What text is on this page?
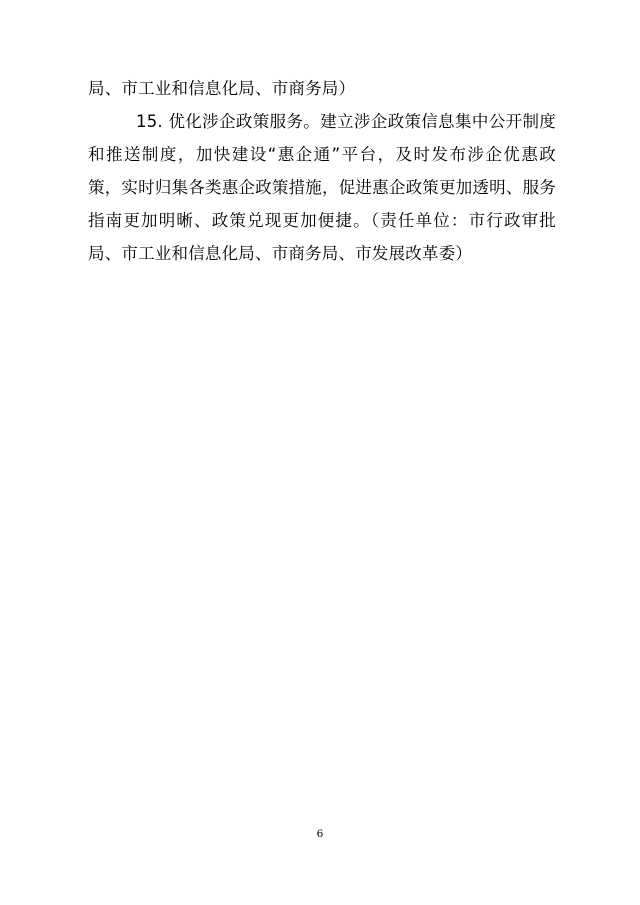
局、市工业和信息化局、市商务局）

15. 优化涉企政策服务。建立涉企政策信息集中公开制度和推送制度，加快建设“惠企通”平台，及时发布涉企优惠政策，实时归集各类惠企政策措施，促进惠企政策更加透明、服务指南更加明晰、政策兑现更加便捷。（责任单位：市行政审批局、市工业和信息化局、市商务局、市发展改革委）

6
